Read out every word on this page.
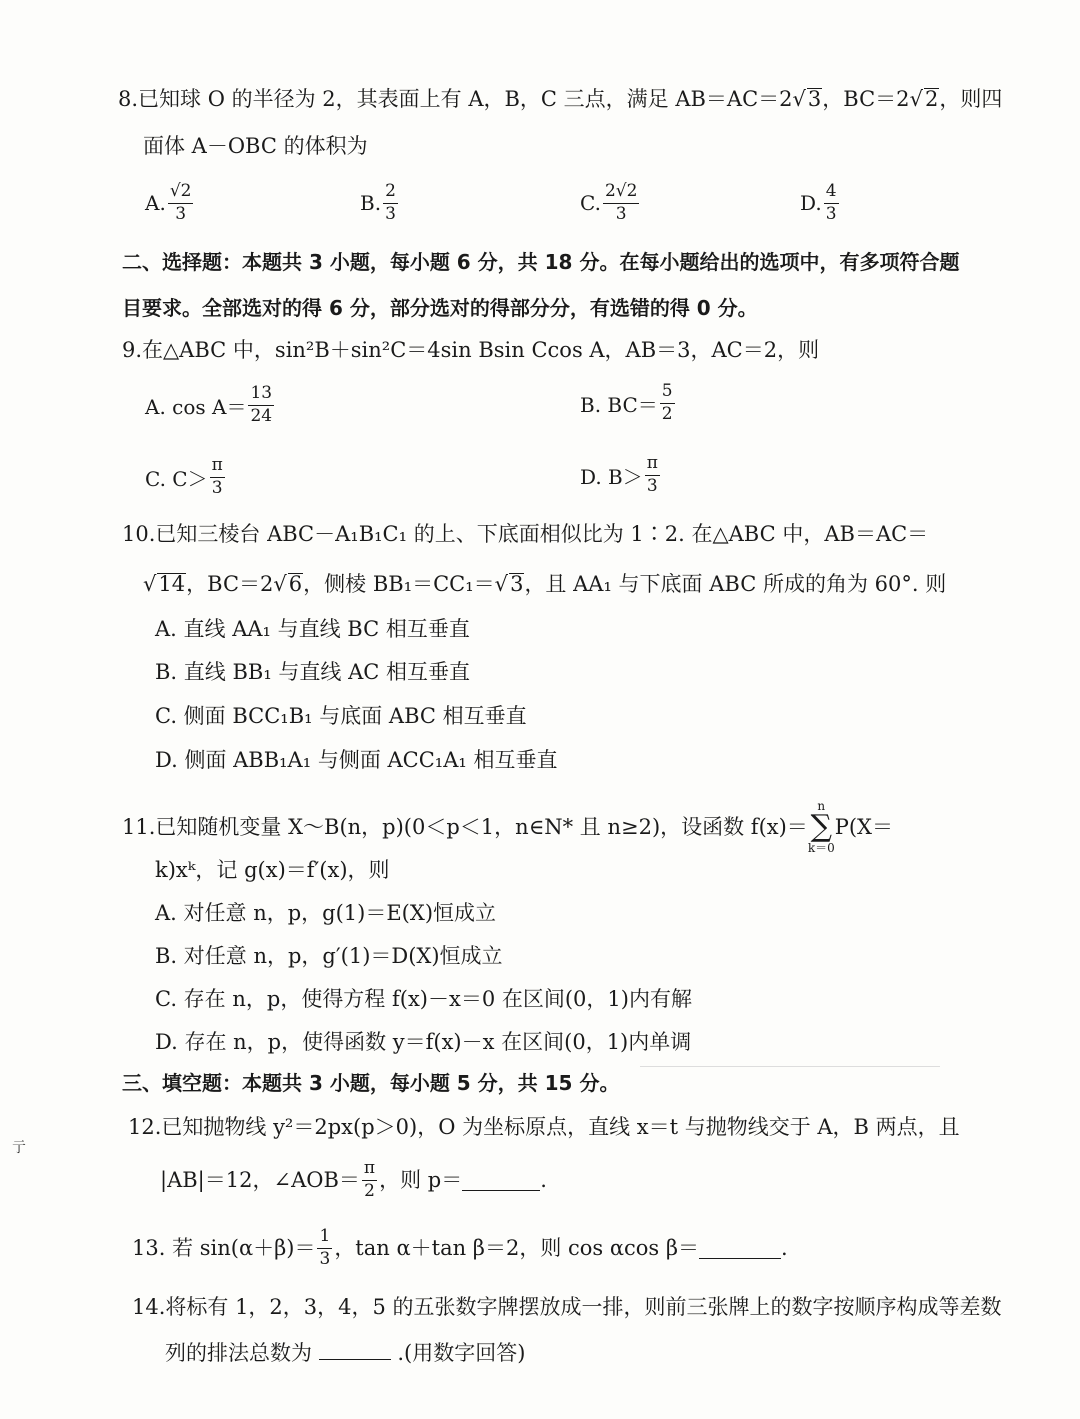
8.已知球 O 的半径为 2，其表面上有 A，B，C 三点，满足 AB＝AC＝2√3，BC＝2√2，则四
面体 A－OBC 的体积为
A. $\frac{√2}{3}$	B. $\frac{2}{3}$	C. $\frac{2√2}{3}$	D. $\frac{4}{3}$
二、选择题：本题共 3 小题，每小题 6 分，共 18 分。在每小题给出的选项中，有多项符合题
目要求。全部选对的得 6 分，部分选对的得部分分，有选错的得 0 分。
9.在△ABC 中，sin²B＋sin²C＝4sin Bsin Ccos A，AB＝3，AC＝2，则
A. $\cos A= \frac{13}{24}$	B. $BC= \frac{5}{2}$
C. $C> \frac{\pi}{3}$	D. $B> \frac{\pi}{3}$
10.已知三棱台 ABC－A₁B₁C₁ 的上、下底面相似比为 1∶2. 在△ABC 中，AB＝AC＝
√14，BC＝2√6，侧棱 BB₁＝CC₁＝√3，且 AA₁ 与下底面 ABC 所成的角为 60°. 则
A. 直线 AA₁ 与直线 BC 相互垂直
B. 直线 BB₁ 与直线 AC 相互垂直
C. 侧面 BCC₁B₁ 与底面 ABC 相互垂直
D. 侧面 ABB₁A₁ 与侧面 ACC₁A₁ 相互垂直
11.已知随机变量 X～B(n，p)(0＜p＜1，n∈N* 且 n≥2)，设函数 f(x)＝
n
∑
k＝0
P(X＝
k)xᵏ，记 g(x)＝f′(x)，则
A. 对任意 n，p，g(1)＝E(X)恒成立
B. 对任意 n，p，g′(1)＝D(X)恒成立
C. 存在 n，p，使得方程 f(x)－x＝0 在区间(0，1)内有解
D. 存在 n，p，使得函数 y＝f(x)－x 在区间(0，1)内单调
三、填空题：本题共 3 小题，每小题 5 分，共 15 分。
12.已知抛物线 y²＝2px(p＞0)，O 为坐标原点，直线 x＝t 与抛物线交于 A，B 两点，且
亍
|AB|＝12，∠AOB＝ $\frac{\pi}{2}$ ，则 p＝	.
13. 若 $\sin(\alpha+\beta)= \frac{1}{3}$ ，tan α＋tan β＝2，则 cos αcos β＝	.
14.将标有 1，2，3，4，5 的五张数字牌摆放成一排，则前三张牌上的数字按顺序构成等差数
列的排法总数为	.(用数字回答)
